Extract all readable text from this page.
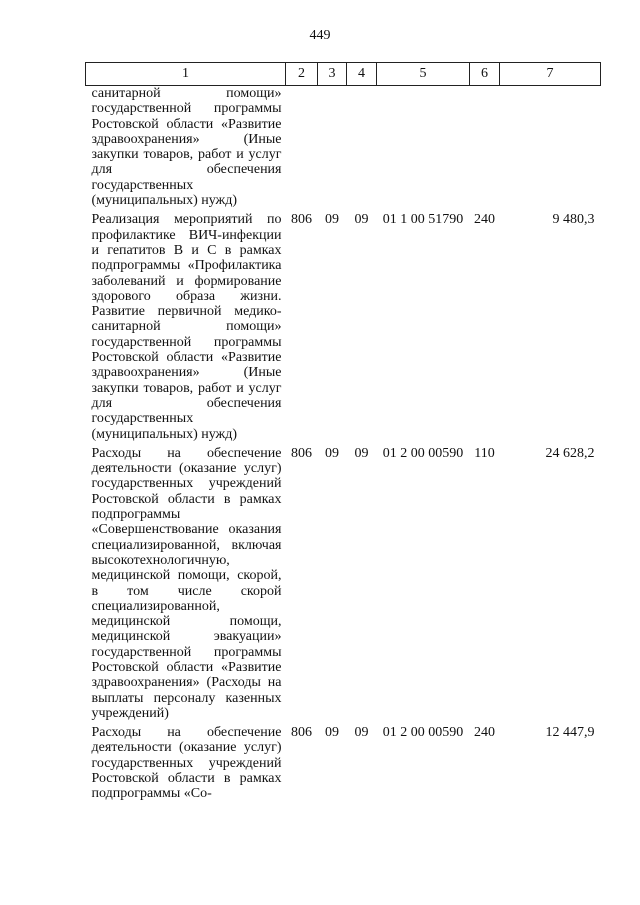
449
1	2	3	4	5	6	7
санитарной помощи» государственной программы Ростовской области «Развитие здравоохранения» (Иные закупки товаров, работ и услуг для обеспечения государственных (муниципальных) нужд)						
Реализация мероприятий по профилактике ВИЧ-инфекции и гепатитов В и С в рамках подпрограммы «Профилактика заболеваний и формирование здорового образа жизни. Развитие первичной медико-санитарной помощи» государственной программы Ростовской области «Развитие здравоохранения» (Иные закупки товаров, работ и услуг для обеспечения государственных (муниципальных) нужд)	806	09	09	01 1 00 51790	240	9 480,3
Расходы на обеспечение деятельности (оказание услуг) государственных учреждений Ростовской области в рамках подпрограммы «Совершенствование оказания специализированной, включая высокотехнологичную, медицинской помощи, скорой, в том числе скорой специализированной, медицинской помощи, медицинской эвакуации» государственной программы Ростовской области «Развитие здравоохранения» (Расходы на выплаты персоналу казенных учреждений)	806	09	09	01 2 00 00590	110	24 628,2
Расходы на обеспечение деятельности (оказание услуг) государственных учреждений Ростовской области в рамках подпрограммы «Со-	806	09	09	01 2 00 00590	240	12 447,9
